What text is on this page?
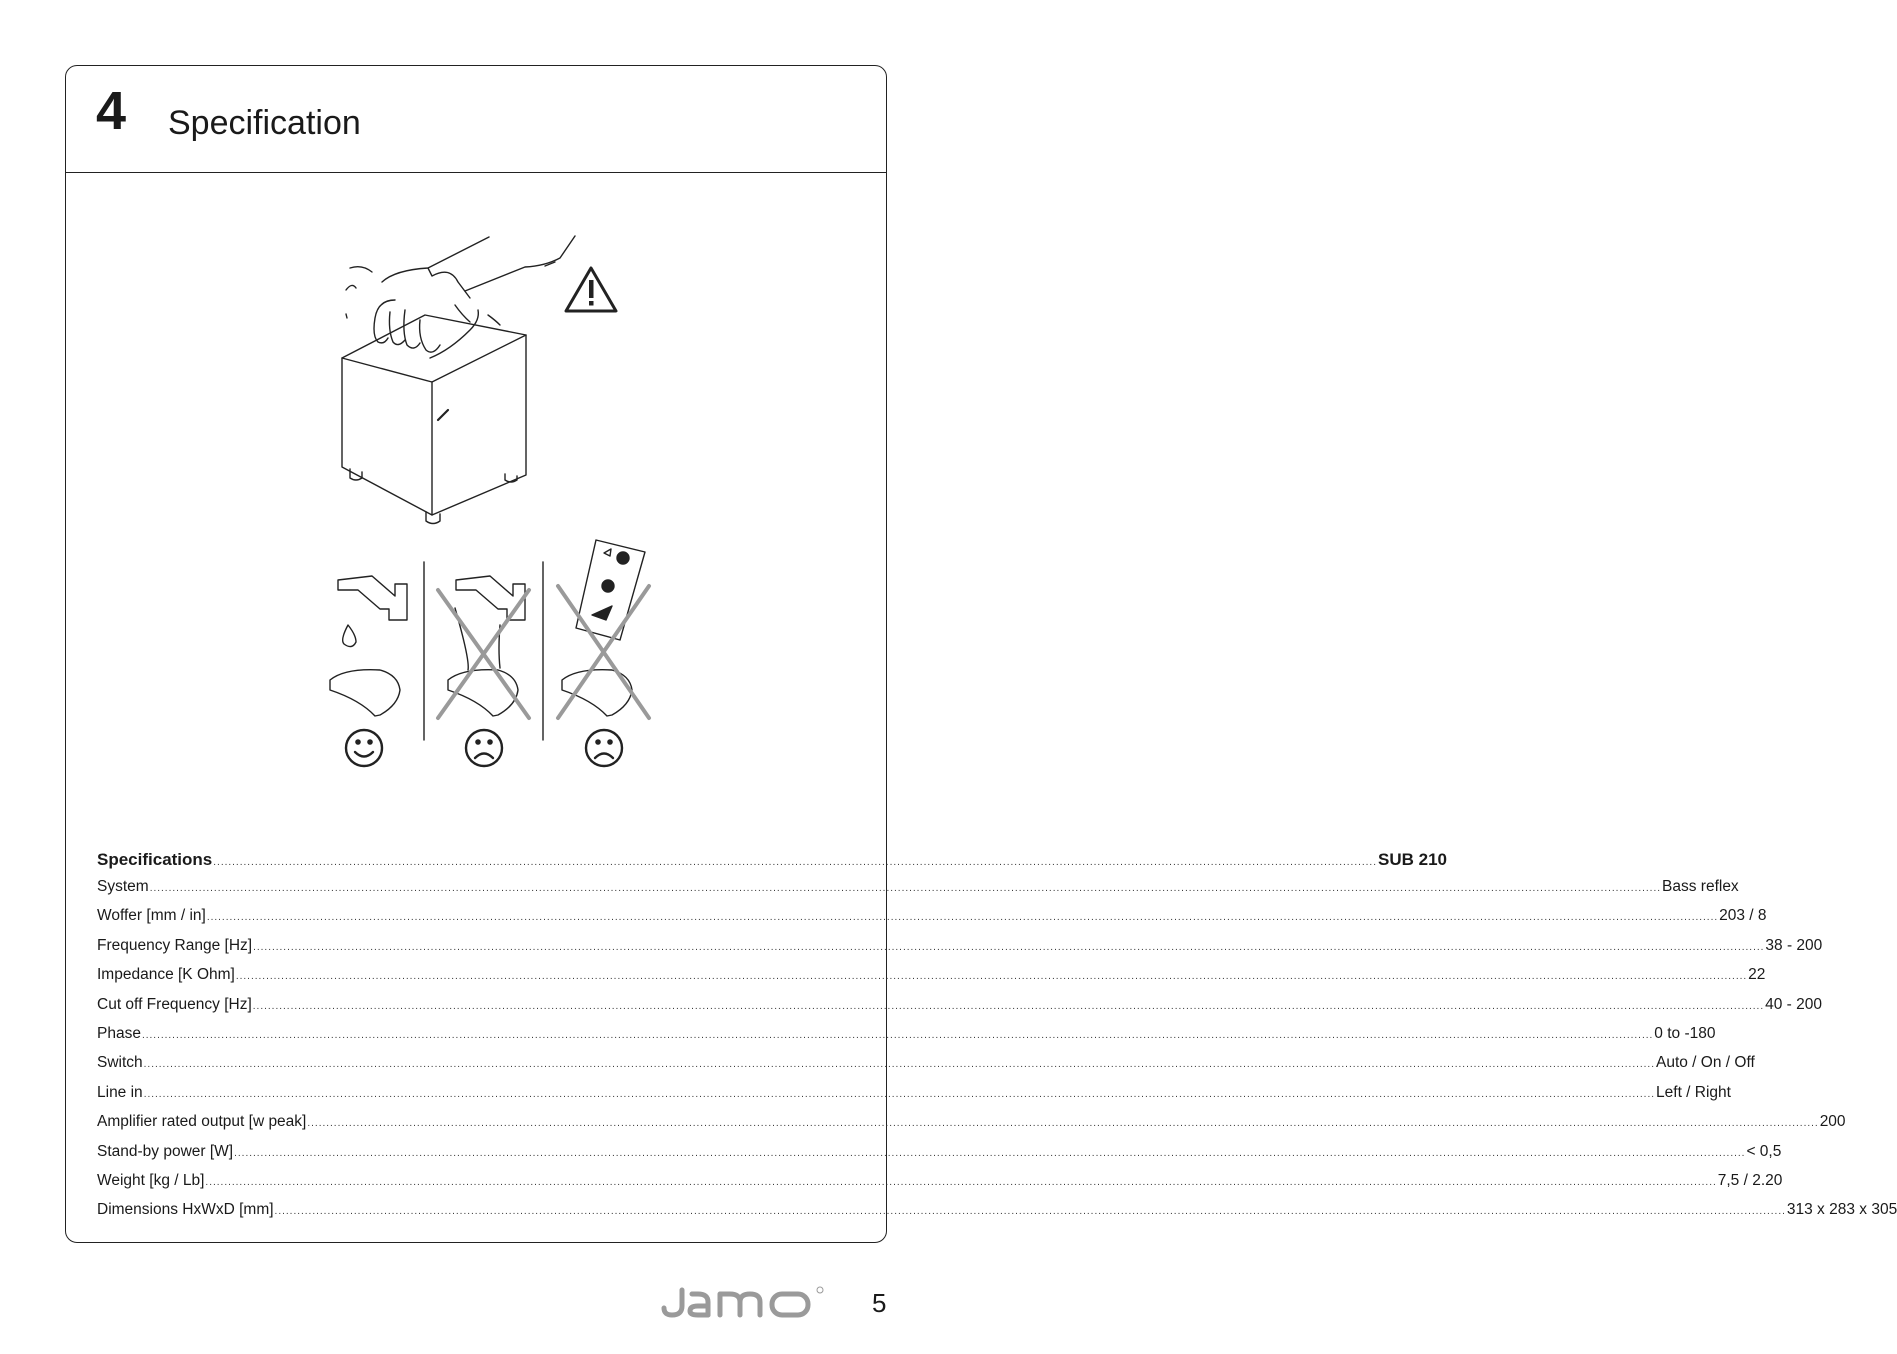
4 Specification
Specifications .................................................................................................................................................................................................................................................................................................................... SUB 210
System ................................................................................................................................................................................................................................................................................................................................................................................................................ Bass reflex
Woffer [mm / in] ................................................................................................................................................................................................................................................................................................................................................................................................................ 203 / 8
Frequency Range [Hz] ................................................................................................................................................................................................................................................................................................................................................................................................................ 38 - 200
Impedance [K Ohm] ................................................................................................................................................................................................................................................................................................................................................................................................................ 22
Cut off Frequency [Hz] ................................................................................................................................................................................................................................................................................................................................................................................................................ 40 - 200
Phase ................................................................................................................................................................................................................................................................................................................................................................................................................ 0 to -180
Switch ................................................................................................................................................................................................................................................................................................................................................................................................................ Auto / On / Off
Line in ................................................................................................................................................................................................................................................................................................................................................................................................................ Left / Right
Amplifier rated output [w peak] ................................................................................................................................................................................................................................................................................................................................................................................................................ 200
Stand-by power [W] ................................................................................................................................................................................................................................................................................................................................................................................................................ < 0,5
Weight [kg / Lb] ................................................................................................................................................................................................................................................................................................................................................................................................................ 7,5 / 2.20
Dimensions HxWxD [mm] ................................................................................................................................................................................................................................................................................................................................................................................................................ 313 x 283 x 305
5
